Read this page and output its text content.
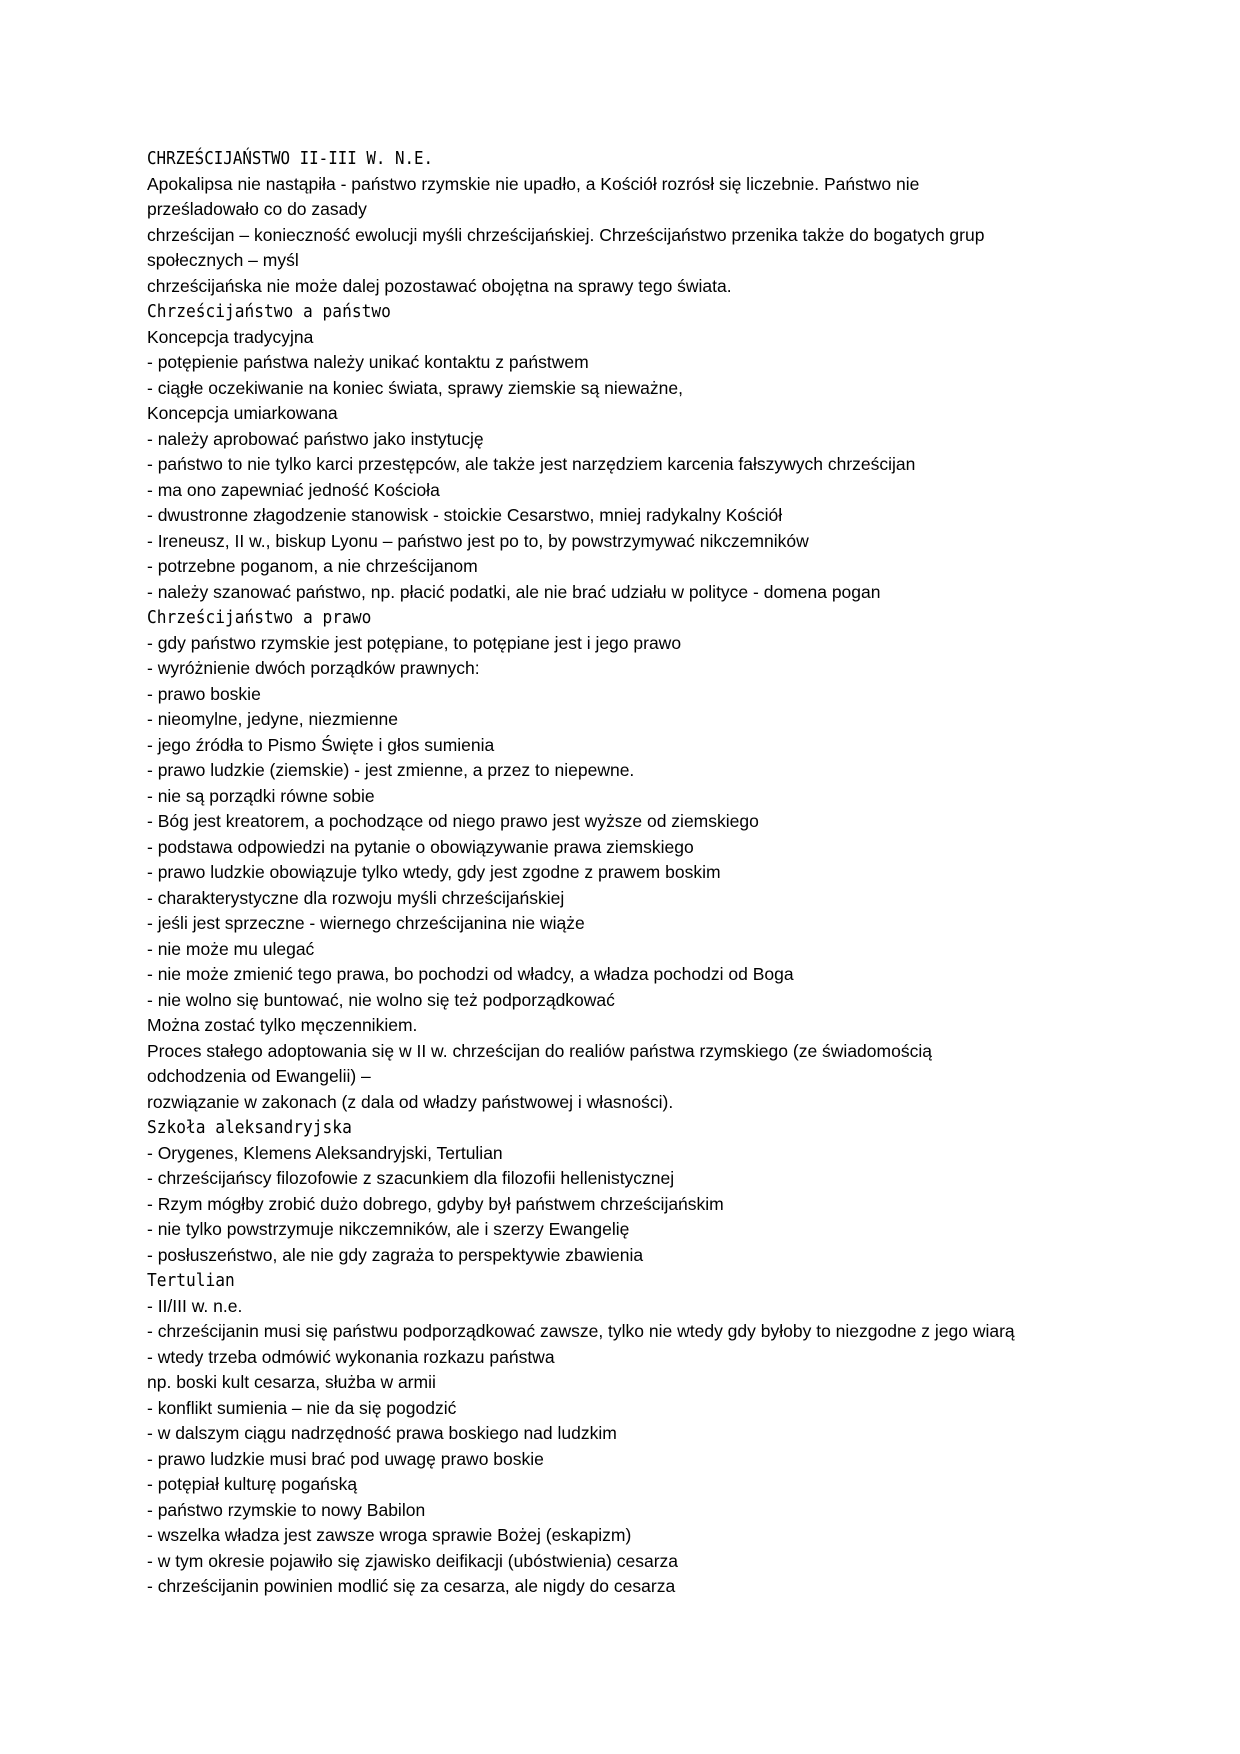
CHRZEŚCIJAŃSTWO II-III W. N.E.
Apokalipsa nie nastąpiła - państwo rzymskie nie upadło, a Kościół rozrósł się liczebnie. Państwo nie
prześladowało co do zasady
chrześcijan – konieczność ewolucji myśli chrześcijańskiej. Chrześcijaństwo przenika także do bogatych grup
społecznych – myśl
chrześcijańska nie może dalej pozostawać obojętna na sprawy tego świata.
Chrześcijaństwo a państwo
Koncepcja tradycyjna
- potępienie państwa należy unikać kontaktu z państwem
- ciągłe oczekiwanie na koniec świata, sprawy ziemskie są nieważne,
Koncepcja umiarkowana
- należy aprobować państwo jako instytucję
- państwo to nie tylko karci przestępców, ale także jest narzędziem karcenia fałszywych chrześcijan
- ma ono zapewniać jedność Kościoła
- dwustronne złagodzenie stanowisk - stoickie Cesarstwo, mniej radykalny Kościół
- Ireneusz, II w., biskup Lyonu – państwo jest po to, by powstrzymywać nikczemników
- potrzebne poganom, a nie chrześcijanom
- należy szanować państwo, np. płacić podatki, ale nie brać udziału w polityce - domena pogan
Chrześcijaństwo a prawo
- gdy państwo rzymskie jest potępiane, to potępiane jest i jego prawo
- wyróżnienie dwóch porządków prawnych:
- prawo boskie
- nieomylne, jedyne, niezmienne
- jego źródła to Pismo Święte i głos sumienia
- prawo ludzkie (ziemskie) - jest zmienne, a przez to niepewne.
- nie są porządki równe sobie
- Bóg jest kreatorem, a pochodzące od niego prawo jest wyższe od ziemskiego
- podstawa odpowiedzi na pytanie o obowiązywanie prawa ziemskiego
- prawo ludzkie obowiązuje tylko wtedy, gdy jest zgodne z prawem boskim
- charakterystyczne dla rozwoju myśli chrześcijańskiej
- jeśli jest sprzeczne - wiernego chrześcijanina nie wiąże
- nie może mu ulegać
- nie może zmienić tego prawa, bo pochodzi od władcy, a władza pochodzi od Boga
- nie wolno się buntować, nie wolno się też podporządkować
Można zostać tylko męczennikiem.
Proces stałego adoptowania się w II w. chrześcijan do realiów państwa rzymskiego (ze świadomością
odchodzenia od Ewangelii) –
rozwiązanie w zakonach (z dala od władzy państwowej i własności).
Szkoła aleksandryjska
- Orygenes, Klemens Aleksandryjski, Tertulian
- chrześcijańscy filozofowie z szacunkiem dla filozofii hellenistycznej
- Rzym mógłby zrobić dużo dobrego, gdyby był państwem chrześcijańskim
- nie tylko powstrzymuje nikczemników, ale i szerzy Ewangelię
- posłuszeństwo, ale nie gdy zagraża to perspektywie zbawienia
Tertulian
- II/III w. n.e.
- chrześcijanin musi się państwu podporządkować zawsze, tylko nie wtedy gdy byłoby to niezgodne z jego wiarą
- wtedy trzeba odmówić wykonania rozkazu państwa
np. boski kult cesarza, służba w armii
- konflikt sumienia – nie da się pogodzić
- w dalszym ciągu nadrzędność prawa boskiego nad ludzkim
- prawo ludzkie musi brać pod uwagę prawo boskie
- potępiał kulturę pogańską
- państwo rzymskie to nowy Babilon
- wszelka władza jest zawsze wroga sprawie Bożej (eskapizm)
- w tym okresie pojawiło się zjawisko deifikacji (ubóstwienia) cesarza
- chrześcijanin powinien modlić się za cesarza, ale nigdy do cesarza
